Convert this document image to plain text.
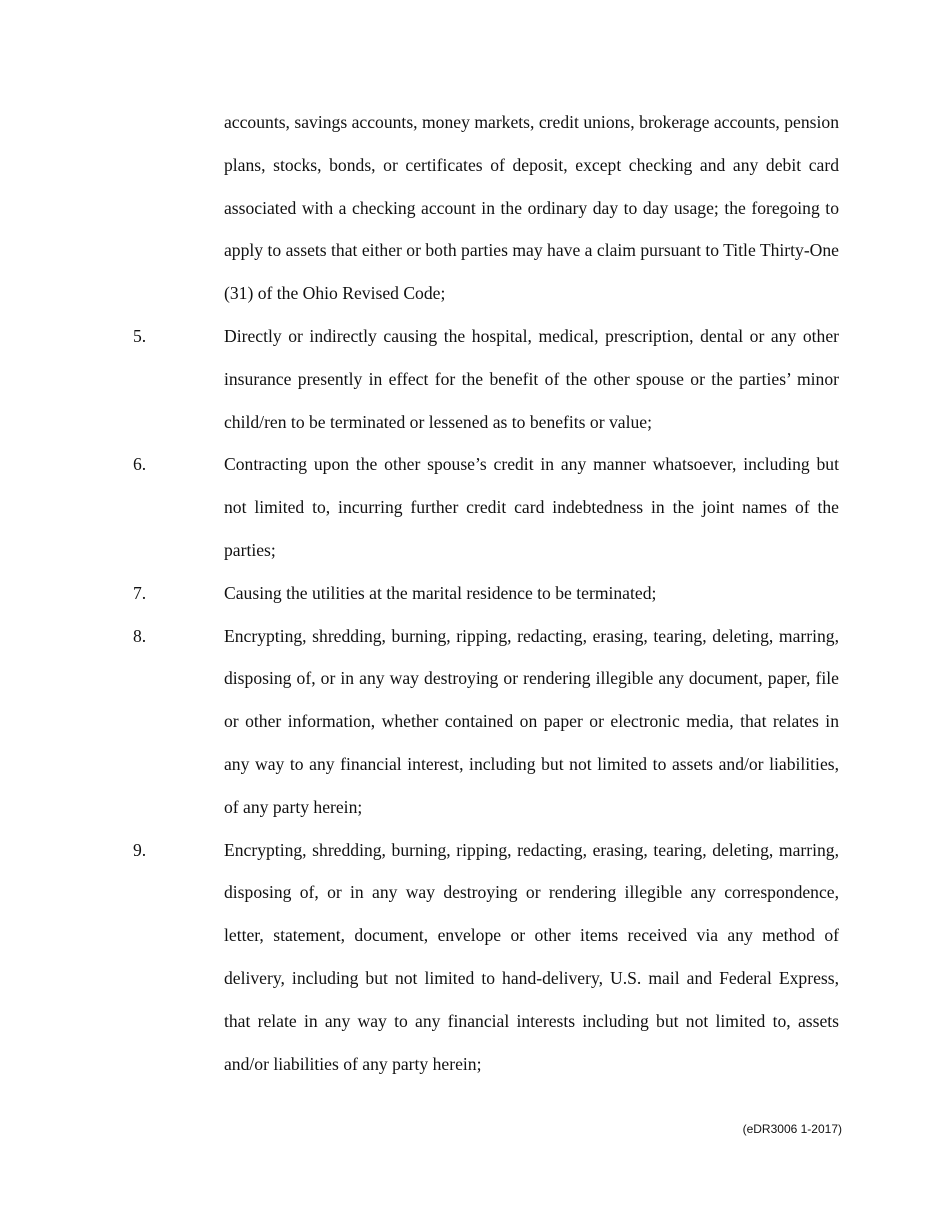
accounts, savings accounts, money markets, credit unions, brokerage accounts, pension plans, stocks, bonds, or certificates of deposit, except checking and any debit card associated with a checking account in the ordinary day to day usage; the foregoing to apply to assets that either or both parties may have a claim pursuant to Title Thirty-One (31) of the Ohio Revised Code;
5.	Directly or indirectly causing the hospital, medical, prescription, dental or any other insurance presently in effect for the benefit of the other spouse or the parties’ minor child/ren to be terminated or lessened as to benefits or value;
6.	Contracting upon the other spouse’s credit in any manner whatsoever, including but not limited to, incurring further credit card indebtedness in the joint names of the parties;
7.	Causing the utilities at the marital residence to be terminated;
8.	Encrypting, shredding, burning, ripping, redacting, erasing, tearing, deleting, marring, disposing of, or in any way destroying or rendering illegible any document, paper, file or other information, whether contained on paper or electronic media, that relates in any way to any financial interest, including but not limited to assets and/or liabilities, of any party herein;
9.	Encrypting, shredding, burning, ripping, redacting, erasing, tearing, deleting, marring, disposing of, or in any way destroying or rendering illegible any correspondence, letter, statement, document, envelope or other items received via any method of delivery, including but not limited to hand-delivery, U.S. mail and Federal Express, that relate in any way to any financial interests including but not limited to, assets and/or liabilities of any party herein;
(eDR3006 1-2017)
